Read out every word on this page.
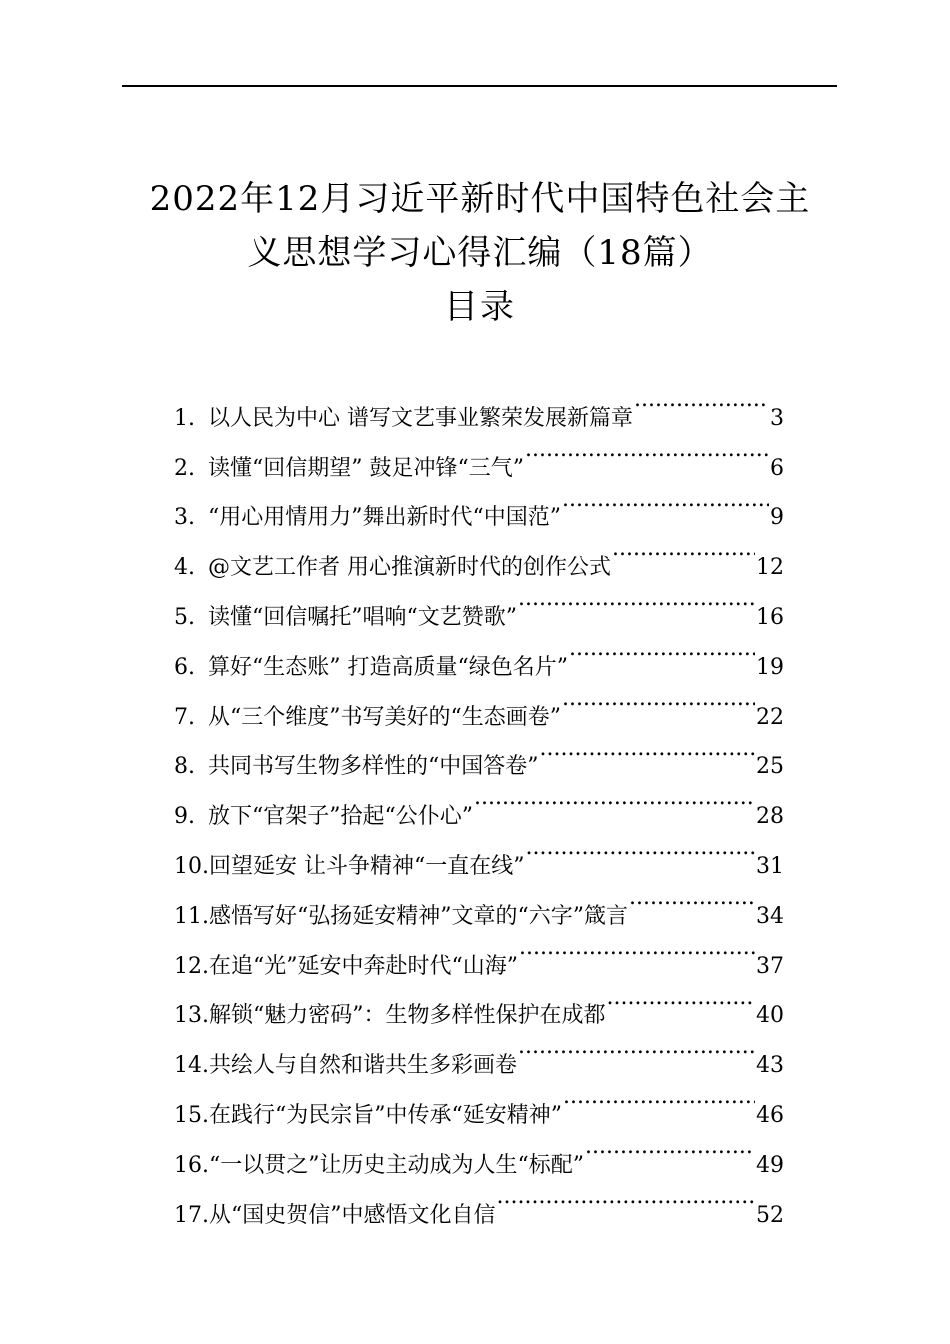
2022年12月习近平新时代中国特色社会主
义思想学习心得汇编（18篇）
目录
1. 以人民为中心 谱写文艺事业繁荣发展新篇章 .....	3
2. 读懂“回信期望” 鼓足冲锋“三气” .....	6
3. “用心用情用力”舞出新时代“中国范” .....	9
4. @文艺工作者 用心推演新时代的创作公式 .....	12
5. 读懂“回信嘱托”唱响“文艺赞歌” .....	16
6. 算好“生态账” 打造高质量“绿色名片” .....	19
7. 从“三个维度”书写美好的“生态画卷” .....	22
8. 共同书写生物多样性的“中国答卷” .....	25
9. 放下“官架子”拾起“公仆心” .....	28
10. 回望延安 让斗争精神“一直在线” .....	31
11. 感悟写好“弘扬延安精神”文章的“六字”箴言 .....	34
12. 在追“光”延安中奔赴时代“山海” .....	37
13. 解锁“魅力密码”：生物多样性保护在成都 .....	40
14. 共绘人与自然和谐共生多彩画卷 .....	43
15. 在践行“为民宗旨”中传承“延安精神” .....	46
16. “一以贯之”让历史主动成为人生“标配” .....	49
17. 从“国史贺信”中感悟文化自信 .....	52
